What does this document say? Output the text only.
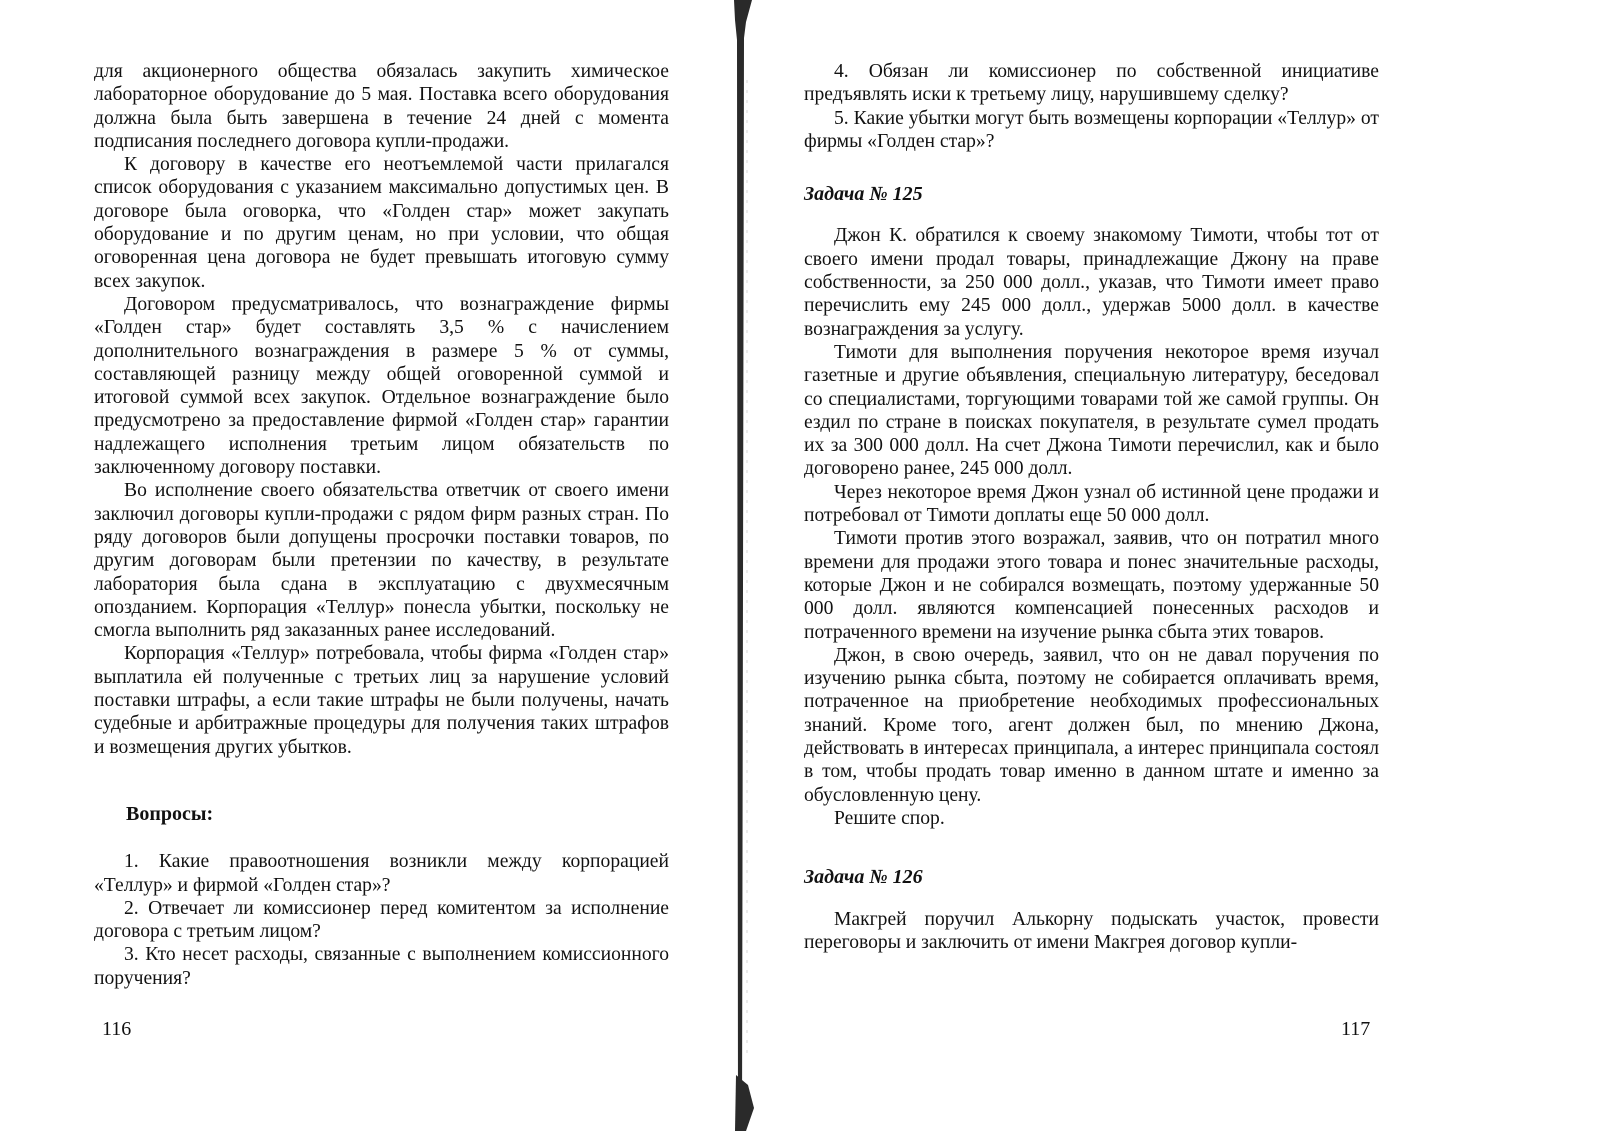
для акционерного общества обязалась закупить химическое лабораторное оборудование до 5 мая. Поставка всего оборудования должна была быть завершена в течение 24 дней с момента подписания последнего договора купли-продажи.

К договору в качестве его неотъемлемой части прилагался список оборудования с указанием максимально допустимых цен. В договоре была оговорка, что «Голден стар» может закупать оборудование и по другим ценам, но при условии, что общая оговоренная цена договора не будет превышать итоговую сумму всех закупок.

Договором предусматривалось, что вознаграждение фирмы «Голден стар» будет составлять 3,5 % с начислением дополнительного вознаграждения в размере 5 % от суммы, составляющей разницу между общей оговоренной суммой и итоговой суммой всех закупок. Отдельное вознаграждение было предусмотрено за предоставление фирмой «Голден стар» гарантии надлежащего исполнения третьим лицом обязательств по заключенному договору поставки.

Во исполнение своего обязательства ответчик от своего имени заключил договоры купли-продажи с рядом фирм разных стран. По ряду договоров были допущены просрочки поставки товаров, по другим договорам были претензии по качеству, в результате лаборатория была сдана в эксплуатацию с двухмесячным опозданием. Корпорация «Теллур» понесла убытки, поскольку не смогла выполнить ряд заказанных ранее исследований.

Корпорация «Теллур» потребовала, чтобы фирма «Голден стар» выплатила ей полученные с третьих лиц за нарушение условий поставки штрафы, а если такие штрафы не были получены, начать судебные и арбитражные процедуры для получения таких штрафов и возмещения других убытков.

Вопросы:

1. Какие правоотношения возникли между корпорацией «Теллур» и фирмой «Голден стар»?

2. Отвечает ли комиссионер перед комитентом за исполнение договора с третьим лицом?

3. Кто несет расходы, связанные с выполнением комиссионного поручения?

116

4. Обязан ли комиссионер по собственной инициативе предъявлять иски к третьему лицу, нарушившему сделку?

5. Какие убытки могут быть возмещены корпорации «Теллур» от фирмы «Голден стар»?

Задача № 125

Джон К. обратился к своему знакомому Тимоти, чтобы тот от своего имени продал товары, принадлежащие Джону на праве собственности, за 250 000 долл., указав, что Тимоти имеет право перечислить ему 245 000 долл., удержав 5000 долл. в качестве вознаграждения за услугу.

Тимоти для выполнения поручения некоторое время изучал газетные и другие объявления, специальную литературу, беседовал со специалистами, торгующими товарами той же самой группы. Он ездил по стране в поисках покупателя, в результате сумел продать их за 300 000 долл. На счет Джона Тимоти перечислил, как и было договорено ранее, 245 000 долл.

Через некоторое время Джон узнал об истинной цене продажи и потребовал от Тимоти доплаты еще 50 000 долл.

Тимоти против этого возражал, заявив, что он потратил много времени для продажи этого товара и понес значительные расходы, которые Джон и не собирался возмещать, поэтому удержанные 50 000 долл. являются компенсацией понесенных расходов и потраченного времени на изучение рынка сбыта этих товаров.

Джон, в свою очередь, заявил, что он не давал поручения по изучению рынка сбыта, поэтому не собирается оплачивать время, потраченное на приобретение необходимых профессиональных знаний. Кроме того, агент должен был, по мнению Джона, действовать в интересах принципала, а интерес принципала состоял в том, чтобы продать товар именно в данном штате и именно за обусловленную цену.

Решите спор.

Задача № 126

Макгрей поручил Алькорну подыскать участок, провести переговоры и заключить от имени Макгрея договор купли-

117
